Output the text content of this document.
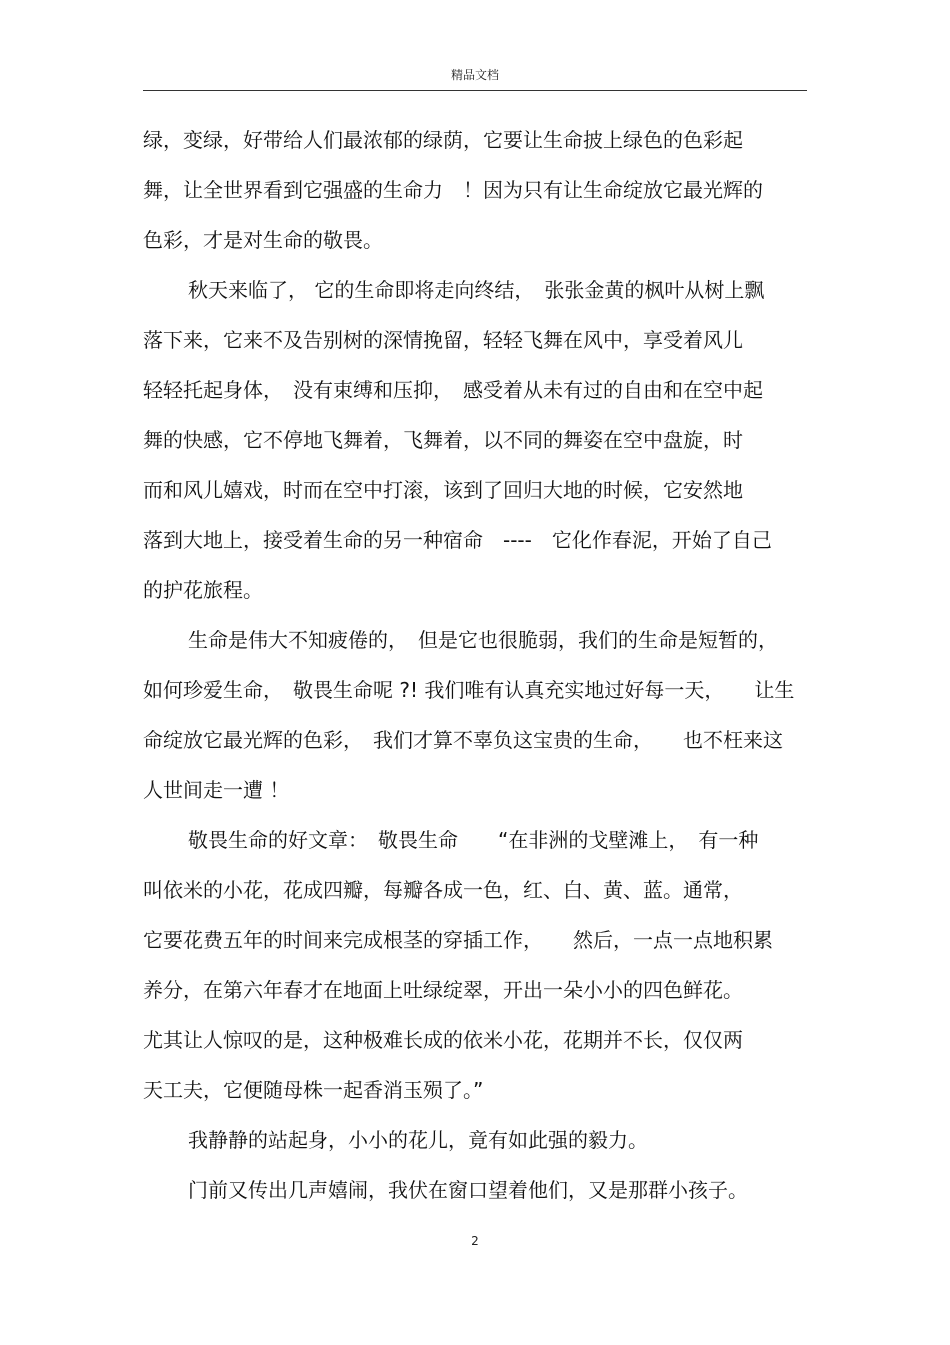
精品文档
绿，变绿，好带给人们最浓郁的绿荫，它要让生命披上绿色的色彩起
舞，让全世界看到它强盛的生命力　！因为只有让生命绽放它最光辉的
色彩，才是对生命的敬畏。
秋天来临了， 它的生命即将走向终结，　张张金黄的枫叶从树上飘
落下来，它来不及告别树的深情挽留，轻轻飞舞在风中，享受着风儿
轻轻托起身体，　没有束缚和压抑，　感受着从未有过的自由和在空中起
舞的快感，它不停地飞舞着，飞舞着，以不同的舞姿在空中盘旋，时
而和风儿嬉戏，时而在空中打滚，该到了回归大地的时候，它安然地
落到大地上，接受着生命的另一种宿命　----　它化作春泥，开始了自己
的护花旅程。
生命是伟大不知疲倦的，　但是它也很脆弱，我们的生命是短暂的，
如何珍爱生命，　敬畏生命呢 ?! 我们唯有认真充实地过好每一天，　　让生
命绽放它最光辉的色彩，　我们才算不辜负这宝贵的生命，　　也不枉来这
人世间走一遭 ！
敬畏生命的好文章：　敬畏生命　　“在非洲的戈壁滩上，　有一种
叫依米的小花，花成四瓣，每瓣各成一色，红、白、黄、蓝。通常，
它要花费五年的时间来完成根茎的穿插工作，　　然后，一点一点地积累
养分，在第六年春才在地面上吐绿绽翠，开出一朵小小的四色鲜花。
尤其让人惊叹的是，这种极难长成的依米小花，花期并不长，仅仅两
天工夫，它便随母株一起香消玉殒了。”
我静静的站起身，小小的花儿，竟有如此强的毅力。
门前又传出几声嬉闹，我伏在窗口望着他们，又是那群小孩子。
2
